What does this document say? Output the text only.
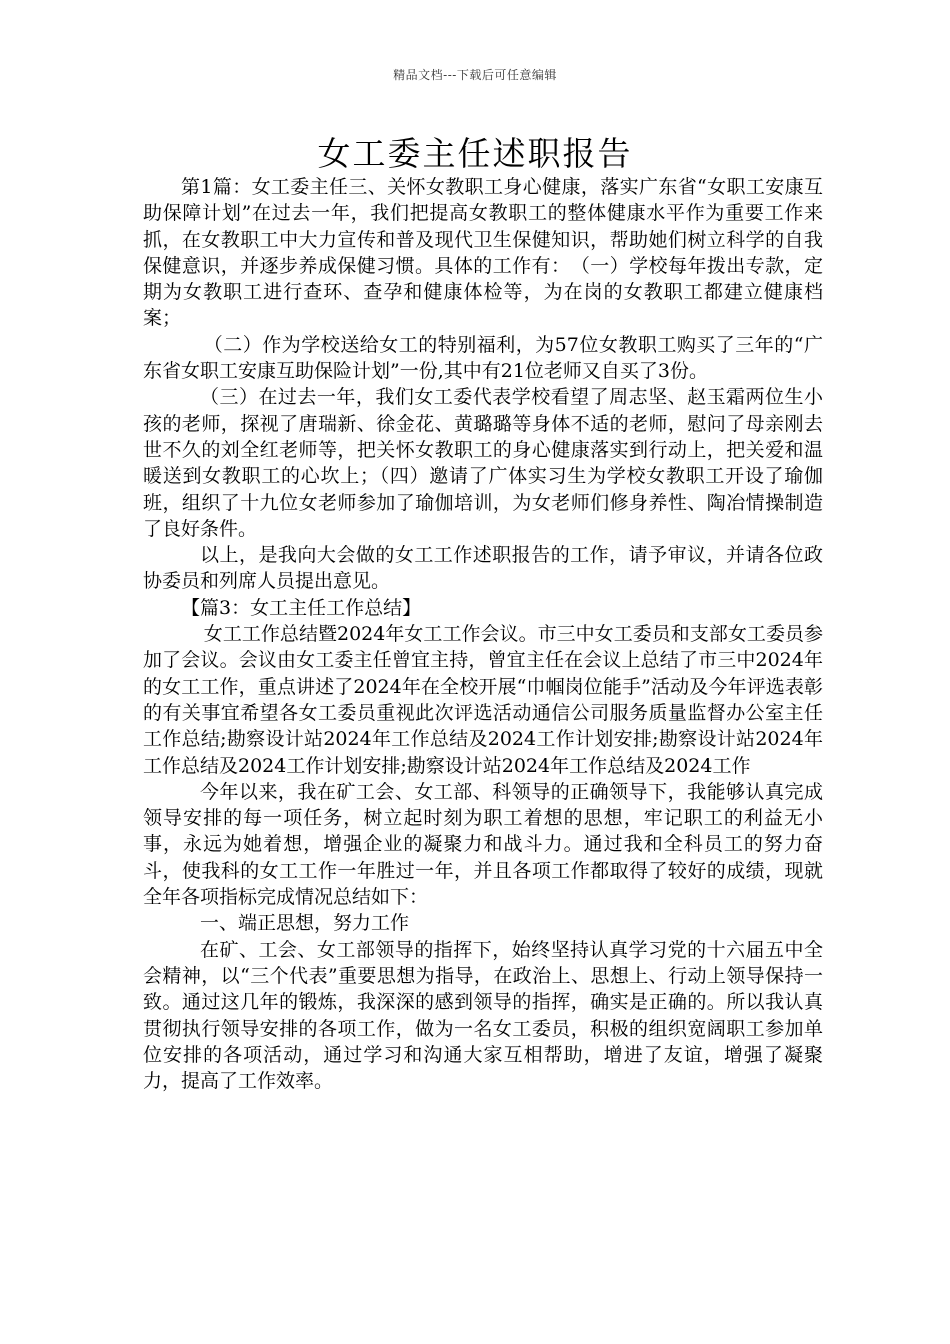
精品文档---下载后可任意编辑
女工委主任述职报告

第1篇：女工委主任三、关怀女教职工身心健康，落实广东省“女职工安康互助保障计划”在过去一年，我们把提高女教职工的整体健康水平作为重要工作来抓，在女教职工中大力宣传和普及现代卫生保健知识，帮助她们树立科学的自我保健意识，并逐步养成保健习惯。具体的工作有：　（一）学校每年拨出专款，定期为女教职工进行查环、查孕和健康体检等，为在岗的女教职工都建立健康档案；

（二）作为学校送给女工的特别福利，为57位女教职工购买了三年的“广东省女职工安康互助保险计划”一份,其中有21位老师又自买了3份。

（三）在过去一年，我们女工委代表学校看望了周志坚、赵玉霜两位生小孩的老师，探视了唐瑞新、徐金花、黄璐璐等身体不适的老师，慰问了母亲刚去世不久的刘全红老师等，把关怀女教职工的身心健康落实到行动上，把关爱和温暖送到女教职工的心坎上；（四）邀请了广体实习生为学校女教职工开设了瑜伽班，组织了十九位女老师参加了瑜伽培训，为女老师们修身养性、陶冶情操制造了良好条件。

以上，是我向大会做的女工工作述职报告的工作，请予审议，并请各位政协委员和列席人员提出意见。

【篇3：女工主任工作总结】

女工工作总结暨2024年女工工作会议。市三中女工委员和支部女工委员参加了会议。会议由女工委主任曾宜主持，曾宜主任在会议上总结了市三中2024年的女工工作，重点讲述了2024年在全校开展“巾帼岗位能手”活动及今年评选表彰的有关事宜希望各女工委员重视此次评选活动通信公司服务质量监督办公室主任工作总结;勘察设计站2024年工作总结及2024工作计划安排;勘察设计站2024年工作总结及2024工作计划安排;勘察设计站2024年工作总结及2024工作

今年以来，我在矿工会、女工部、科领导的正确领导下，我能够认真完成领导安排的每一项任务，树立起时刻为职工着想的思想，牢记职工的利益无小事，永远为她着想，增强企业的凝聚力和战斗力。通过我和全科员工的努力奋斗，使我科的女工工作一年胜过一年，并且各项工作都取得了较好的成绩，现就全年各项指标完成情况总结如下：

一、端正思想，努力工作

在矿、工会、女工部领导的指挥下，始终坚持认真学习党的十六届五中全会精神，以“三个代表”重要思想为指导，在政治上、思想上、行动上领导保持一致。通过这几年的锻炼，我深深的感到领导的指挥，确实是正确的。所以我认真贯彻执行领导安排的各项工作，做为一名女工委员，积极的组织宽阔职工参加单位安排的各项活动，通过学习和沟通大家互相帮助，增进了友谊，增强了凝聚力，提高了工作效率。
